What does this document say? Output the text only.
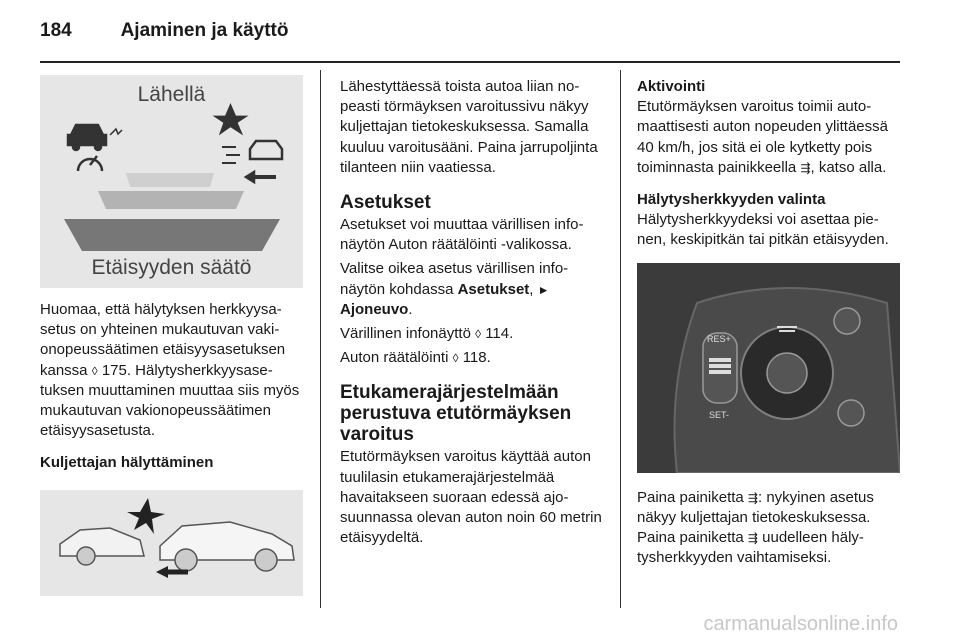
184	Ajaminen ja käyttö
Lähellä
Etäisyyden säätö

Huomaa, että hälytyksen herkkyysasetus on yhteinen mukautuvan vakionopeussäätimen etäisyysasetuksen kanssa ◊ 175. Hälytysherkkyysasetuksen muuttaminen muuttaa siis myös mukautuvan vakionopeussäätimen etäisyysasetusta.

Kuljettajan hälyttäminen

Lähestyttäessä toista autoa liian nopeasti törmäyksen varoitussivu näkyy kuljettajan tietokeskuksessa. Samalla kuuluu varoitusääni. Paina jarrupoljinta tilanteen niin vaatiessa.

Asetukset

Asetukset voi muuttaa värillisen infonäytön Auton räätälöinti -valikossa.

Valitse oikea asetus värillisen infonäytön kohdassa Asetukset, ►
Ajoneuvo.

Värillinen infonäyttö ◊ 114.

Auton räätälöinti ◊ 118.

Etukamerajärjestelmään perustuva etutörmäyksen varoitus

Etutörmäyksen varoitus käyttää auton tuulilasin etukamerajärjestelmää havaitakseen suoraan edessä ajosuunnassa olevan auton noin 60 metrin etäisyydeltä.

Aktivointi

Etutörmäyksen varoitus toimii automaattisesti auton nopeuden ylittäessä 40 km/h, jos sitä ei ole kytketty pois toiminnasta painikkeella ⇶, katso alla.

Hälytysherkkyyden valinta

Hälytysherkkyydeksi voi asettaa pienen, keskipitkän tai pitkän etäisyyden.

RES+
SET-

Paina painiketta ⇶: nykyinen asetus näkyy kuljettajan tietokeskuksessa.

Paina painiketta ⇶ uudelleen hälytysherkkyyden vaihtamiseksi.

carmanualsonline.info
